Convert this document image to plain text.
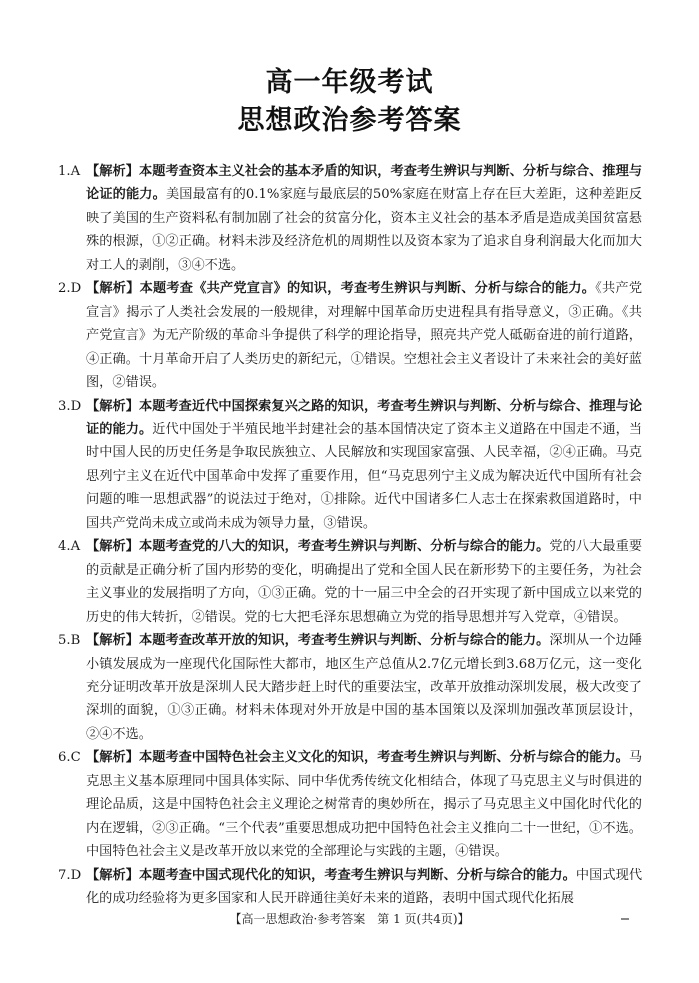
高一年级考试
思想政治参考答案
1.A 【解析】本题考查资本主义社会的基本矛盾的知识，考查考生辨识与判断、分析与综合、推理与论证的能力。美国最富有的0.1%家庭与最底层的50%家庭在财富上存在巨大差距，这种差距反映了美国的生产资料私有制加剧了社会的贫富分化，资本主义社会的基本矛盾是造成美国贫富悬殊的根源，①②正确。材料未涉及经济危机的周期性以及资本家为了追求自身利润最大化而加大对工人的剥削，③④不选。
2.D 【解析】本题考查《共产党宣言》的知识，考查考生辨识与判断、分析与综合的能力。《共产党宣言》揭示了人类社会发展的一般规律，对理解中国革命历史进程具有指导意义，③正确。《共产党宣言》为无产阶级的革命斗争提供了科学的理论指导，照亮共产党人砥砺奋进的前行道路，④正确。十月革命开启了人类历史的新纪元，①错误。空想社会主义者设计了未来社会的美好蓝图，②错误。
3.D 【解析】本题考查近代中国探索复兴之路的知识，考查考生辨识与判断、分析与综合、推理与论证的能力。近代中国处于半殖民地半封建社会的基本国情决定了资本主义道路在中国走不通，当时中国人民的历史任务是争取民族独立、人民解放和实现国家富强、人民幸福，②④正确。马克思列宁主义在近代中国革命中发挥了重要作用，但“马克思列宁主义成为解决近代中国所有社会问题的唯一思想武器”的说法过于绝对，①排除。近代中国诸多仁人志士在探索救国道路时，中国共产党尚未成立或尚未成为领导力量，③错误。
4.A 【解析】本题考查党的八大的知识，考查考生辨识与判断、分析与综合的能力。党的八大最重要的贡献是正确分析了国内形势的变化，明确提出了党和全国人民在新形势下的主要任务，为社会主义事业的发展指明了方向，①③正确。党的十一届三中全会的召开实现了新中国成立以来党的历史的伟大转折，②错误。党的七大把毛泽东思想确立为党的指导思想并写入党章，④错误。
5.B 【解析】本题考查改革开放的知识，考查考生辨识与判断、分析与综合的能力。深圳从一个边陲小镇发展成为一座现代化国际性大都市，地区生产总值从2.7亿元增长到3.68万亿元，这一变化充分证明改革开放是深圳人民大踏步赶上时代的重要法宝，改革开放推动深圳发展，极大改变了深圳的面貌，①③正确。材料未体现对外开放是中国的基本国策以及深圳加强改革顶层设计，②④不选。
6.C 【解析】本题考查中国特色社会主义文化的知识，考查考生辨识与判断、分析与综合的能力。马克思主义基本原理同中国具体实际、同中华优秀传统文化相结合，体现了马克思主义与时俱进的理论品质，这是中国特色社会主义理论之树常青的奥妙所在，揭示了马克思主义中国化时代化的内在逻辑，②③正确。“三个代表”重要思想成功把中国特色社会主义推向二十一世纪，①不选。中国特色社会主义是改革开放以来党的全部理论与实践的主题，④错误。
7.D 【解析】本题考查中国式现代化的知识，考查考生辨识与判断、分析与综合的能力。中国式现代化的成功经验将为更多国家和人民开辟通往美好未来的道路，表明中国式现代化拓展
【高一思想政治·参考答案　第 1 页(共4页)】
